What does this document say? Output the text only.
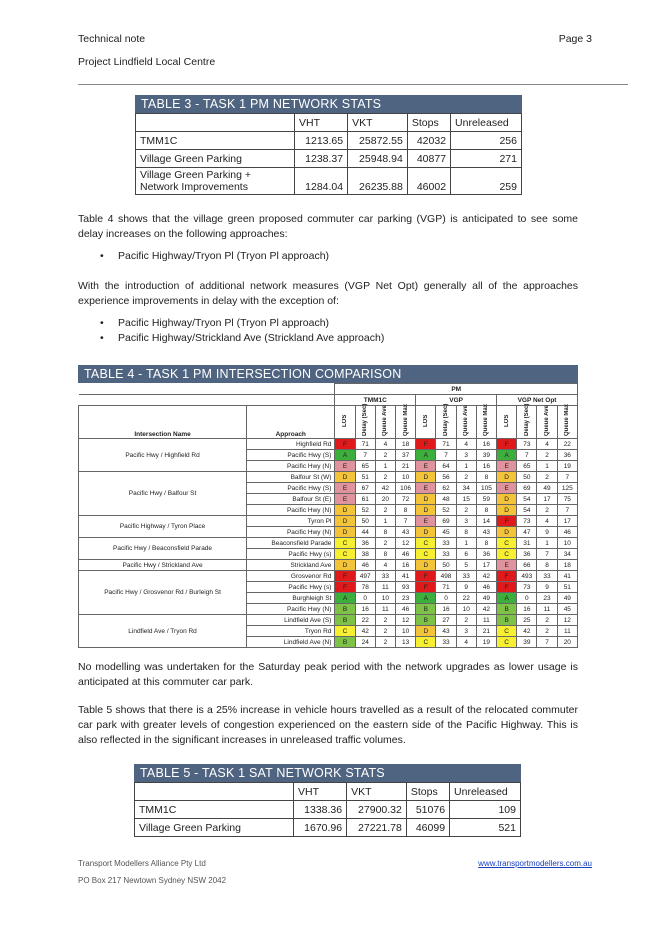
Technical note
Project Lindfield Local Centre
Page 3
TABLE 3 - TASK 1 PM NETWORK STATS
	VHT	VKT	Stops	Unreleased
TMM1C	1213.65	25872.55	42032	256
Village Green Parking	1238.37	25948.94	40877	271
Village Green Parking +
Network Improvements	1284.04	26235.88	46002	259
Table 4 shows that the village green proposed commuter car parking (VGP) is anticipated to see some delay increases on the following approaches:
• Pacific Highway/Tryon Pl (Tryon Pl approach)
With the introduction of additional network measures (VGP Net Opt) generally all of the approaches experience improvements in delay with the exception of:
• Pacific Highway/Tryon Pl (Tryon Pl approach)
• Pacific Highway/Strickland Ave (Strickland Ave approach)
TABLE 4 - TASK 1 PM INTERSECTION COMPARISON
		PM											
		TMM1C				VGP				VGP Net Opt			
Intersection Name	Approach	LOS	Delay (Sec)	Queue Ave	Queue Max	LOS	Delay (Sec)	Queue Ave	Queue Max	LOS	Delay (Sec)	Queue Ave	Queue Max
Pacific Hwy / Highfield Rd	Highfield Rd	F	71	4	18	F	71	4	16	F	73	4	22
	Pacific Hwy (S)	A	7	2	37	A	7	3	39	A	7	2	36
	Pacific Hwy (N)	E	65	1	21	E	64	1	16	E	65	1	19
Pacific Hwy / Balfour St	Balfour St (W)	D	51	2	10	D	56	2	8	D	50	2	7
	Pacific Hwy (S)	E	67	42	106	E	62	34	105	E	69	49	125
	Balfour St (E)	E	61	20	72	D	48	15	59	D	54	17	75
	Pacific Hwy (N)	D	52	2	8	D	52	2	8	D	54	2	7
Pacific Highway / Tyron Place	Tyron Pl	D	50	1	7	E	69	3	14	F	73	4	17
	Pacific Hwy (N)	D	44	8	43	D	45	8	43	D	47	9	46
Pacific Hwy / Beaconsfield Parade	Beaconsfield Parade	C	36	2	12	C	33	1	8	C	31	1	10
	Pacific Hwy (s)	C	38	8	46	C	33	6	36	C	36	7	34
Pacific Hwy / Strickland Ave	Strickland Ave	D	46	4	16	D	50	5	17	E	66	8	18
Pacific Hwy / Grosvenor Rd / Burleigh St	Grosvenor Rd	F	497	33	41	F	498	33	42	F	493	33	41
	Pacific Hwy (s)	F	78	11	93	F	71	9	46	F	73	9	51
	Burghleigh St	A	0	10	23	A	0	22	49	A	0	23	49
	Pacific Hwy (N)	B	16	11	46	B	16	10	42	B	16	11	45
Lindfield Ave / Tryon Rd	Lindfield Ave (S)	B	22	2	12	B	27	2	11	B	25	2	12
	Tryon Rd	C	42	2	10	D	43	3	21	C	42	2	11
	Lindfield Ave (N)	B	24	2	13	C	33	4	19	C	39	7	20
No modelling was undertaken for the Saturday peak period with the network upgrades as lower usage is anticipated at this commuter car park.
Table 5 shows that there is a 25% increase in vehicle hours travelled as a result of the relocated commuter car park with greater levels of congestion experienced on the eastern side of the Pacific Highway. This is also reflected in the significant increases in unreleased traffic volumes.
TABLE 5 - TASK 1 SAT NETWORK STATS
	VHT	VKT	Stops	Unreleased
TMM1C	1338.36	27900.32	51076	109
Village Green Parking	1670.96	27221.78	46099	521
Transport Modellers Alliance Pty Ltd
PO Box 217 Newtown Sydney NSW 2042
www.transportmodellers.com.au
